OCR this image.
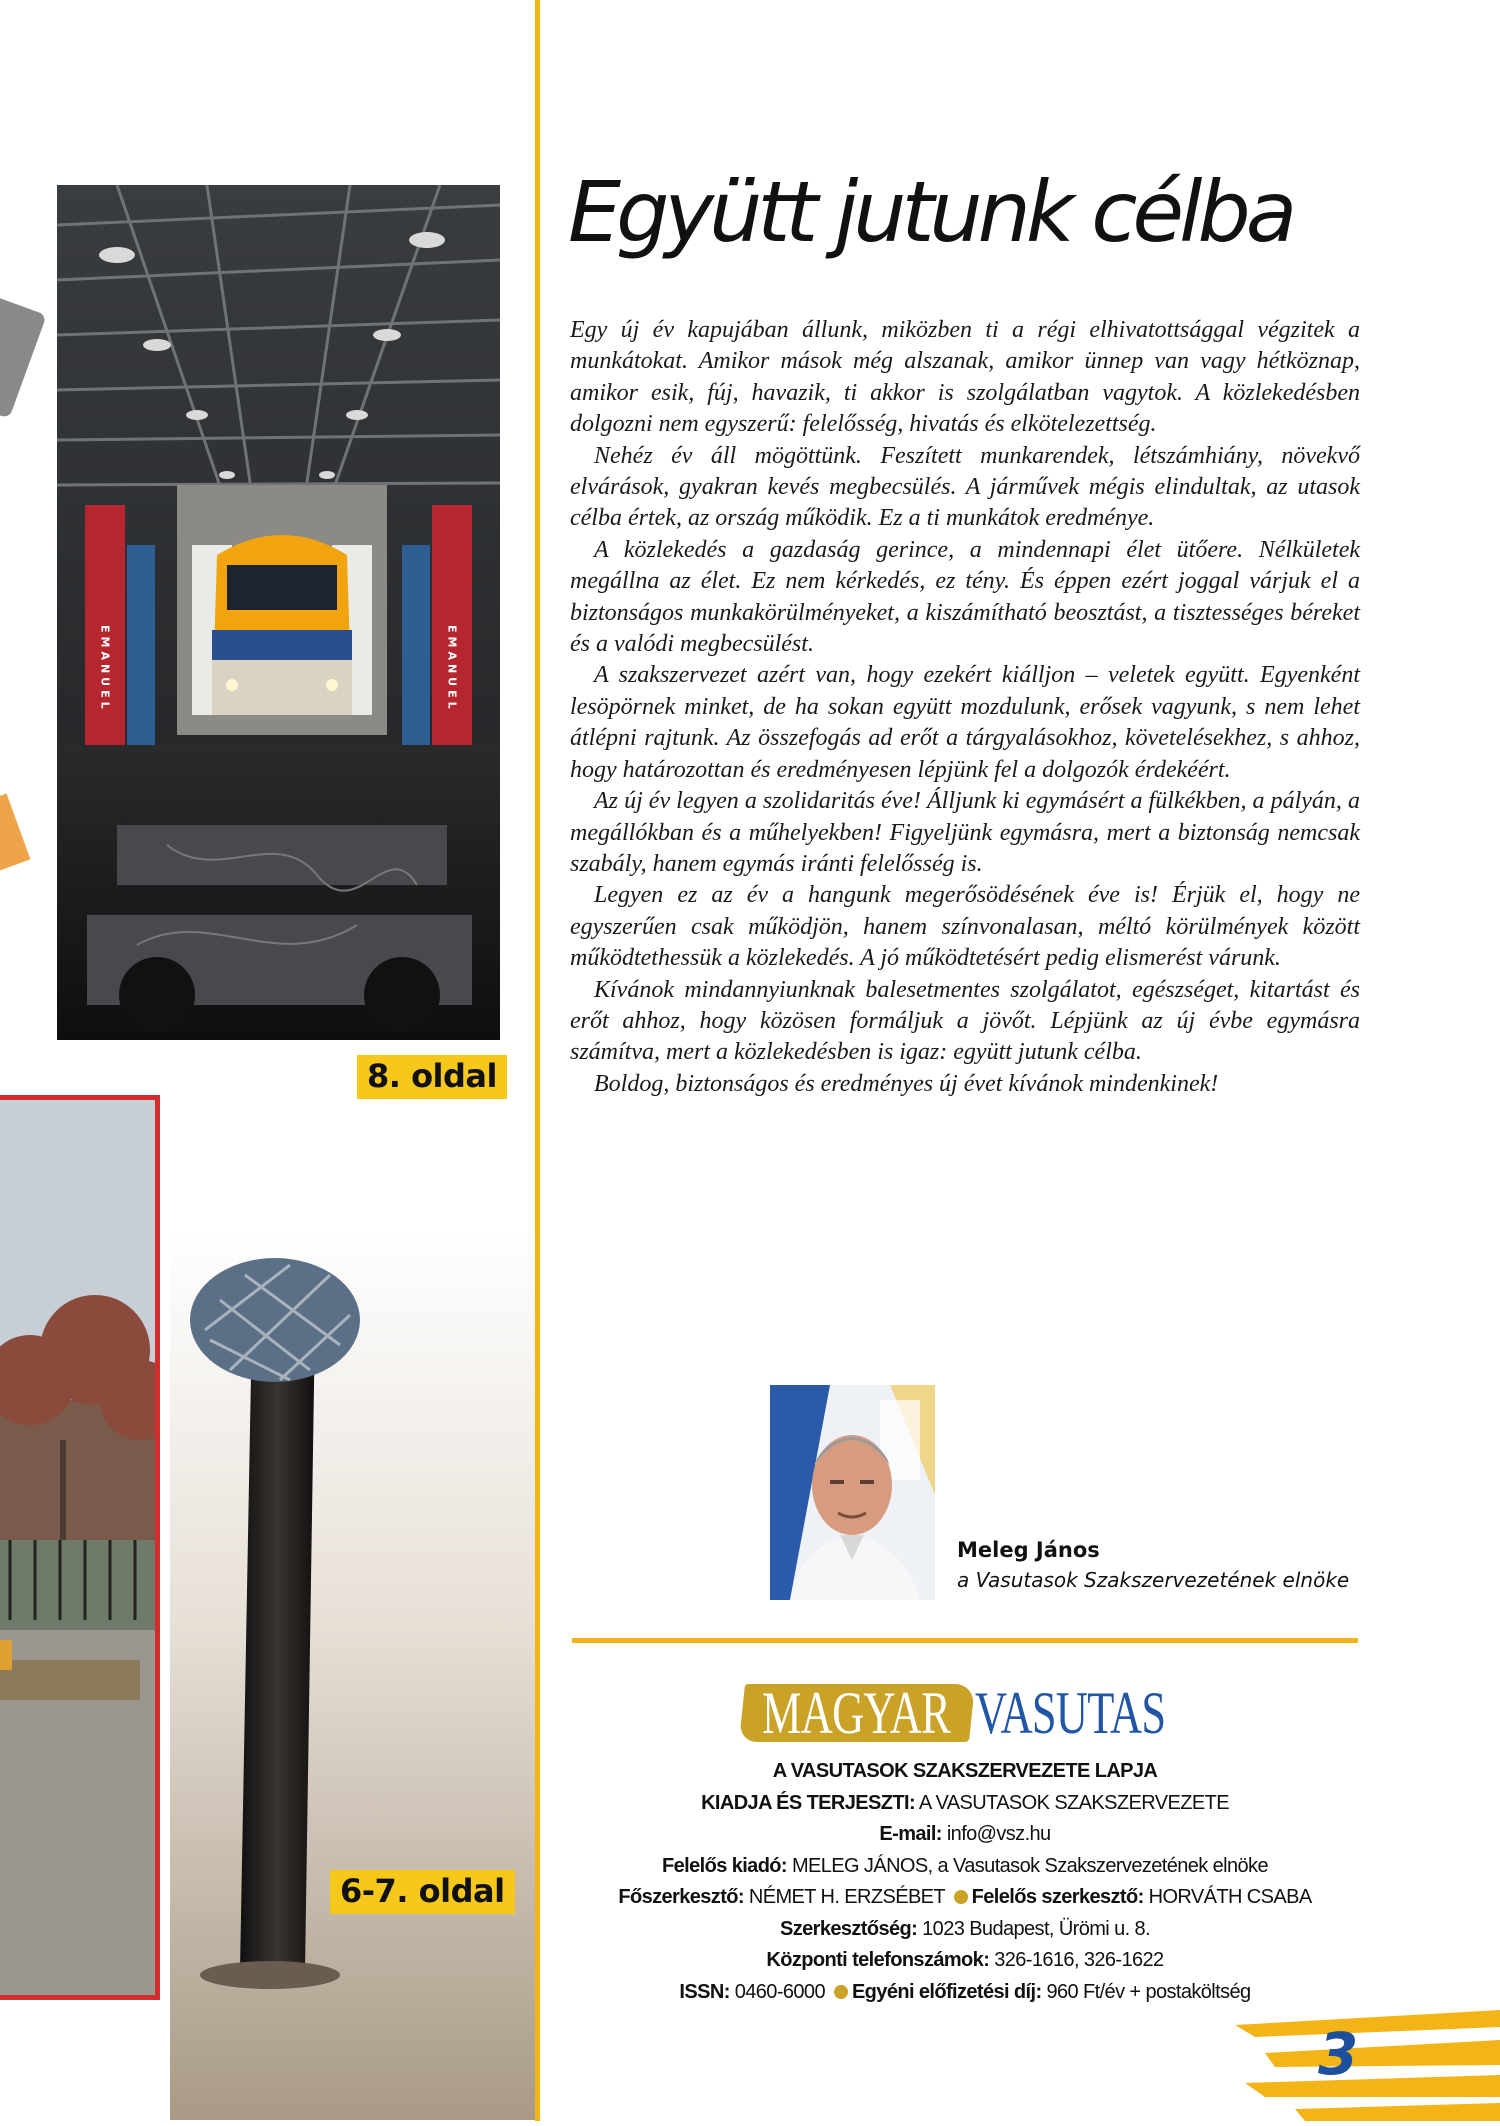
EMANUEL	EMANUEL
8. oldal
6-7. oldal
Együtt jutunk célba

Egy új év kapujában állunk, miközben ti a régi elhivatottsággal végzitek a munkátokat. Amikor mások még alszanak, amikor ünnep van vagy hétköznap, amikor esik, fúj, havazik, ti akkor is szolgálatban vagytok. A közlekedésben dolgozni nem egyszerű: felelősség, hivatás és elkötelezettség.

Nehéz év áll mögöttünk. Feszített munkarendek, létszámhiány, növekvő elvárások, gyakran kevés megbecsülés. A járművek mégis elindultak, az utasok célba értek, az ország működik. Ez a ti munkátok eredménye.

A közlekedés a gazdaság gerince, a mindennapi élet ütőere. Nélkületek megállna az élet. Ez nem kérkedés, ez tény. És éppen ezért joggal várjuk el a biztonságos munkakörülményeket, a kiszámítható beosztást, a tisztességes béreket és a valódi megbecsülést.

A szakszervezet azért van, hogy ezekért kiálljon – veletek együtt. Egyenként lesöpörnek minket, de ha sokan együtt mozdulunk, erősek vagyunk, s nem lehet átlépni rajtunk. Az összefogás ad erőt a tárgyalásokhoz, követelésekhez, s ahhoz, hogy határozottan és eredményesen lépjünk fel a dolgozók érdekéért.

Az új év legyen a szolidaritás éve! Álljunk ki egymásért a fülkékben, a pályán, a megállókban és a műhelyekben! Figyeljünk egymásra, mert a biztonság nemcsak szabály, hanem egymás iránti felelősség is.

Legyen ez az év a hangunk megerősödésének éve is! Érjük el, hogy ne egyszerűen csak működjön, hanem színvonalasan, méltó körülmények között működtethessük a közlekedés. A jó működtetésért pedig elismerést várunk.

Kívánok mindannyiunknak balesetmentes szolgálatot, egészséget, kitartást és erőt ahhoz, hogy közösen formáljuk a jövőt. Lépjünk az új évbe egymásra számítva, mert a közlekedésben is igaz: együtt jutunk célba.

Boldog, biztonságos és eredményes új évet kívánok mindenkinek!

Meleg János
a Vasutasok Szakszervezetének elnöke
MAGYAR VASUTAS
A VASUTASOK SZAKSZERVEZETE LAPJA
KIADJA ÉS TERJESZTI: A VASUTASOK SZAKSZERVEZETE
E-mail: info@vsz.hu
Felelős kiadó: MELEG JÁNOS, a Vasutasok Szakszervezetének elnöke
Főszerkesztő: NÉMET H. ERZSÉBET Felelős szerkesztő: HORVÁTH CSABA
Szerkesztőség: 1023 Budapest, Ürömi u. 8.
Központi telefonszámok: 326-1616, 326-1622
ISSN: 0460-6000 Egyéni előfizetési díj: 960 Ft/év + postaköltség
3
